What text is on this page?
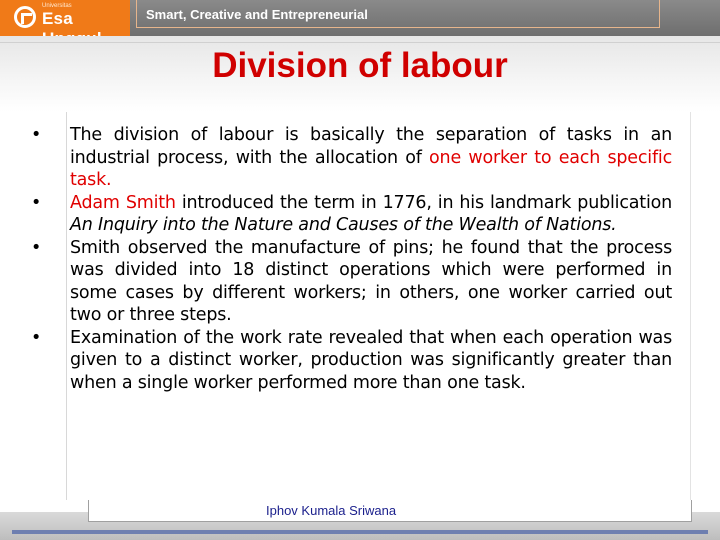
Universitas
Esa	Smart, Creative and Entrepreneurial
Division of labour
• The division of labour is basically the separation of tasks in an industrial process, with the allocation of one worker to each specific task.
• Adam Smith introduced the term in 1776, in his landmark publication An Inquiry into the Nature and Causes of the Wealth of Nations.
• Smith observed the manufacture of pins; he found that the process was divided into 18 distinct operations which were performed in some cases by different workers; in others, one worker carried out two or three steps.
• Examination of the work rate revealed that when each operation was given to a distinct worker, production was significantly greater than when a single worker performed more than one task.
Iphov Kumala Sriwana
